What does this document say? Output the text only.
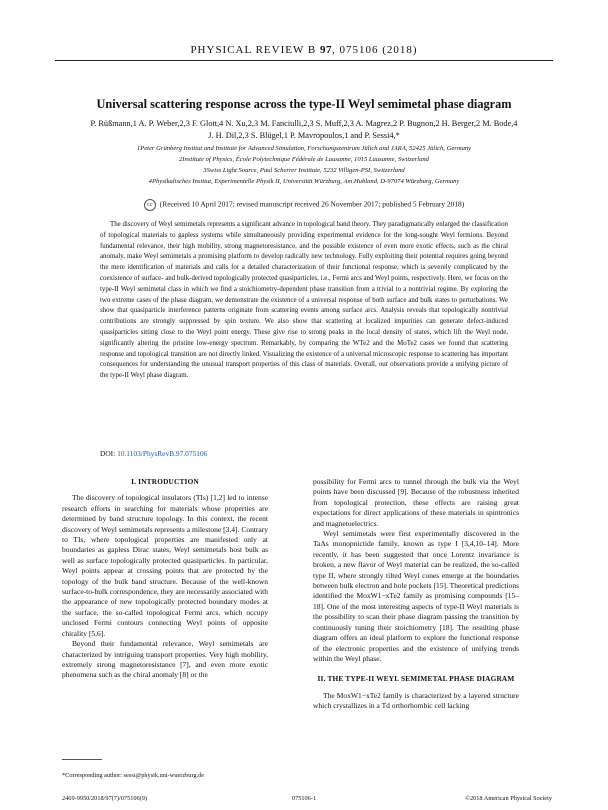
PHYSICAL REVIEW B 97, 075106 (2018)
Universal scattering response across the type-II Weyl semimetal phase diagram
P. Rüßmann,1 A. P. Weber,2,3 F. Glott,4 N. Xu,2,3 M. Fanciulli,2,3 S. Muff,2,3 A. Magrez,2 P. Bugnon,2 H. Berger,2 M. Bode,4
J. H. Dil,2,3 S. Blügel,1 P. Mavropoulos,1 and P. Sessi4,*
1Peter Grünberg Institut and Institute for Advanced Simulation, Forschungszentrum Jülich and JARA, 52425 Jülich, Germany
2Institute of Physics, École Polytechnique Fédérale de Lausanne, 1015 Lausanne, Switzerland
3Swiss Light Source, Paul Scherrer Institute, 5232 Villigen-PSI, Switzerland
4Physikalisches Institut, Experimentelle Physik II, Universität Würzburg, Am Hubland, D-97074 Würzburg, Germany
cc (Received 10 April 2017; revised manuscript received 26 November 2017; published 5 February 2018)
The discovery of Weyl semimetals represents a significant advance in topological band theory. They paradigmatically enlarged the classification of topological materials to gapless systems while simultaneously providing experimental evidence for the long-sought Weyl fermions. Beyond fundamental relevance, their high mobility, strong magnetoresistance, and the possible existence of even more exotic effects, such as the chiral anomaly, make Weyl semimetals a promising platform to develop radically new technology. Fully exploiting their potential requires going beyond the mere identification of materials and calls for a detailed characterization of their functional response, which is severely complicated by the coexistence of surface- and bulk-derived topologically protected quasiparticles, i.e., Fermi arcs and Weyl points, respectively. Here, we focus on the type-II Weyl semimetal class in which we find a stoichiometry-dependent phase transition from a trivial to a nontrivial regime. By exploring the two extreme cases of the phase diagram, we demonstrate the existence of a universal response of both surface and bulk states to perturbations. We show that quasiparticle interference patterns originate from scattering events among surface arcs. Analysis reveals that topologically nontrivial contributions are strongly suppressed by spin texture. We also show that scattering at localized impurities can generate defect-induced quasiparticles sitting close to the Weyl point energy. These give rise to strong peaks in the local density of states, which lift the Weyl node, significantly altering the pristine low-energy spectrum. Remarkably, by comparing the WTe2 and the MoTe2 cases we found that scattering response and topological transition are not directly linked. Visualizing the existence of a universal microscopic response to scattering has important consequences for understanding the unusual transport properties of this class of materials. Overall, our observations provide a unifying picture of the type-II Weyl phase diagram.
DOI: 10.1103/PhysRevB.97.075106
I. INTRODUCTION

The discovery of topological insulators (TIs) [1,2] led to intense research efforts in searching for materials whose properties are determined by band structure topology. In this context, the recent discovery of Weyl semimetals represents a milestone [3,4]. Contrary to TIs, where topological properties are manifested only at boundaries as gapless Dirac states, Weyl semimetals host bulk as well as surface topologically protected quasiparticles. In particular, Weyl points appear at crossing points that are protected by the topology of the bulk band structure. Because of the well-known surface-to-bulk correspondence, they are necessarily associated with the appearance of new topologically protected boundary modes at the surface, the so-called topological Fermi arcs, which occupy unclosed Fermi contours connecting Weyl points of opposite chirality [5,6].

Beyond their fundamental relevance, Weyl semimetals are characterized by intriguing transport properties. Very high mobility, extremely strong magnetoresistance [7], and even more exotic phenomena such as the chiral anomaly [8] or the

possibility for Fermi arcs to tunnel through the bulk via the Weyl points have been discussed [9]. Because of the robustness inherited from topological protection, these effects are raising great expectations for direct applications of these materials in spintronics and magnetoelectrics.

Weyl semimetals were first experimentally discovered in the TaAs monopnictide family, known as type I [3,4,10–14]. More recently, it has been suggested that once Lorentz invariance is broken, a new flavor of Weyl material can be realized, the so-called type II, where strongly tilted Weyl cones emerge at the boundaries between bulk electron and hole pockets [15]. Theoretical predictions identified the MoxW1−xTe2 family as promising compounds [15–18]. One of the most interesting aspects of type-II Weyl materials is the possibility to scan their phase diagram passing the transition by continuously tuning their stoichiometry [18]. The resulting phase diagram offers an ideal platform to explore the functional response of the electronic properties and the existence of unifying trends within the Weyl phase.

II. THE TYPE-II WEYL SEMIMETAL PHASE DIAGRAM

The MoxW1−xTe2 family is characterized by a layered structure which crystallizes in a Td orthorhombic cell lacking

*Corresponding author: sessi@physik.uni-wuerzburg.de
2469-9950/2018/97(7)/075106(9)	075106-1	©2018 American Physical Society
